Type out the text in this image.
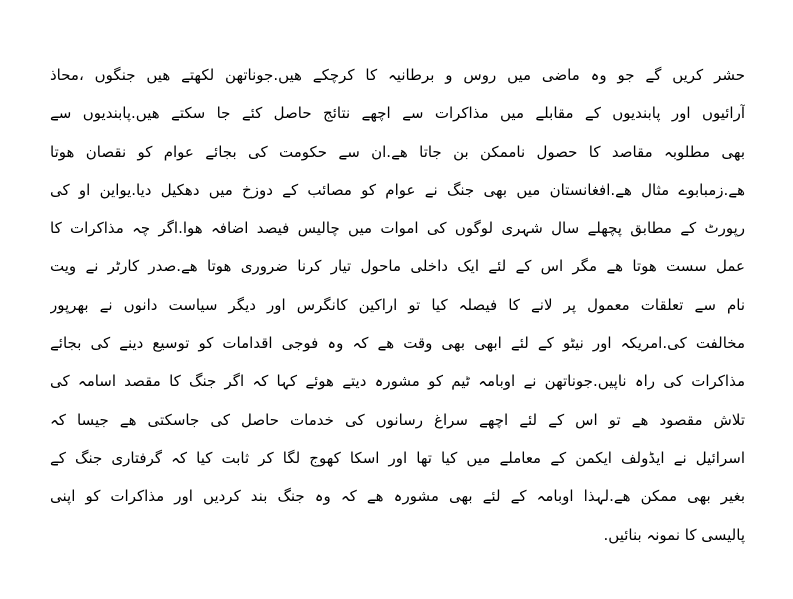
حشر کریں گے جو وہ ماضی میں روس و برطانیہ کا کرچکے ھیں.جوناتھن لکھتے ھیں جنگوں ،محاذ
آرائیوں اور پابندیوں کے مقابلے میں مذاکرات سے اچھے نتائج حاصل کئے جا سکتے ھیں.پابندیوں سے
بھی مطلوبہ مقاصد کا حصول ناممکن بن جاتا ھے.ان سے حکومت کی بجائے عوام کو نقصان ھوتا
ھے.زمبابوے مثال ھے.افغانستان میں بھی جنگ نے عوام کو مصائب کے دوزخ میں دھکیل دیا.یواین او کی
رپورٹ کے مطابق پچھلے سال شہری لوگوں کی اموات میں چالیس فیصد اضافہ ھوا.اگر چہ مذاکرات کا
عمل سست ھوتا ھے مگر اس کے لئے ایک داخلی ماحول تیار کرنا ضروری ھوتا ھے.صدر کارٹر نے ویت
نام سے تعلقات معمول پر لانے کا فیصلہ کیا تو اراکین کانگرس اور دیگر سیاست دانوں نے بھرپور
مخالفت کی.امریکہ اور نیٹو کے لئے ابھی بھی وقت ھے کہ وہ فوجی اقدامات کو توسیع دینے کی بجائے
مذاکرات کی راہ ناپیں.جوناتھن نے اوبامہ ٹیم کو مشورہ دیتے ھوئے کہا کہ اگر جنگ کا مقصد اسامہ کی
تلاش مقصود ھے تو اس کے لئے اچھے سراغ رسانوں کی خدمات حاصل کی جاسکتی ھے جیسا کہ
اسرائیل نے ایڈولف ایکمن کے معاملے میں کیا تھا اور اسکا کھوج لگا کر ثابت کیا کہ گرفتاری جنگ کے
بغیر بھی ممکن ھے.لہذا اوبامہ کے لئے بھی مشورہ ھے کہ وہ جنگ بند کردیں اور مذاکرات کو اپنی
پالیسی کا نمونہ بنائیں.
